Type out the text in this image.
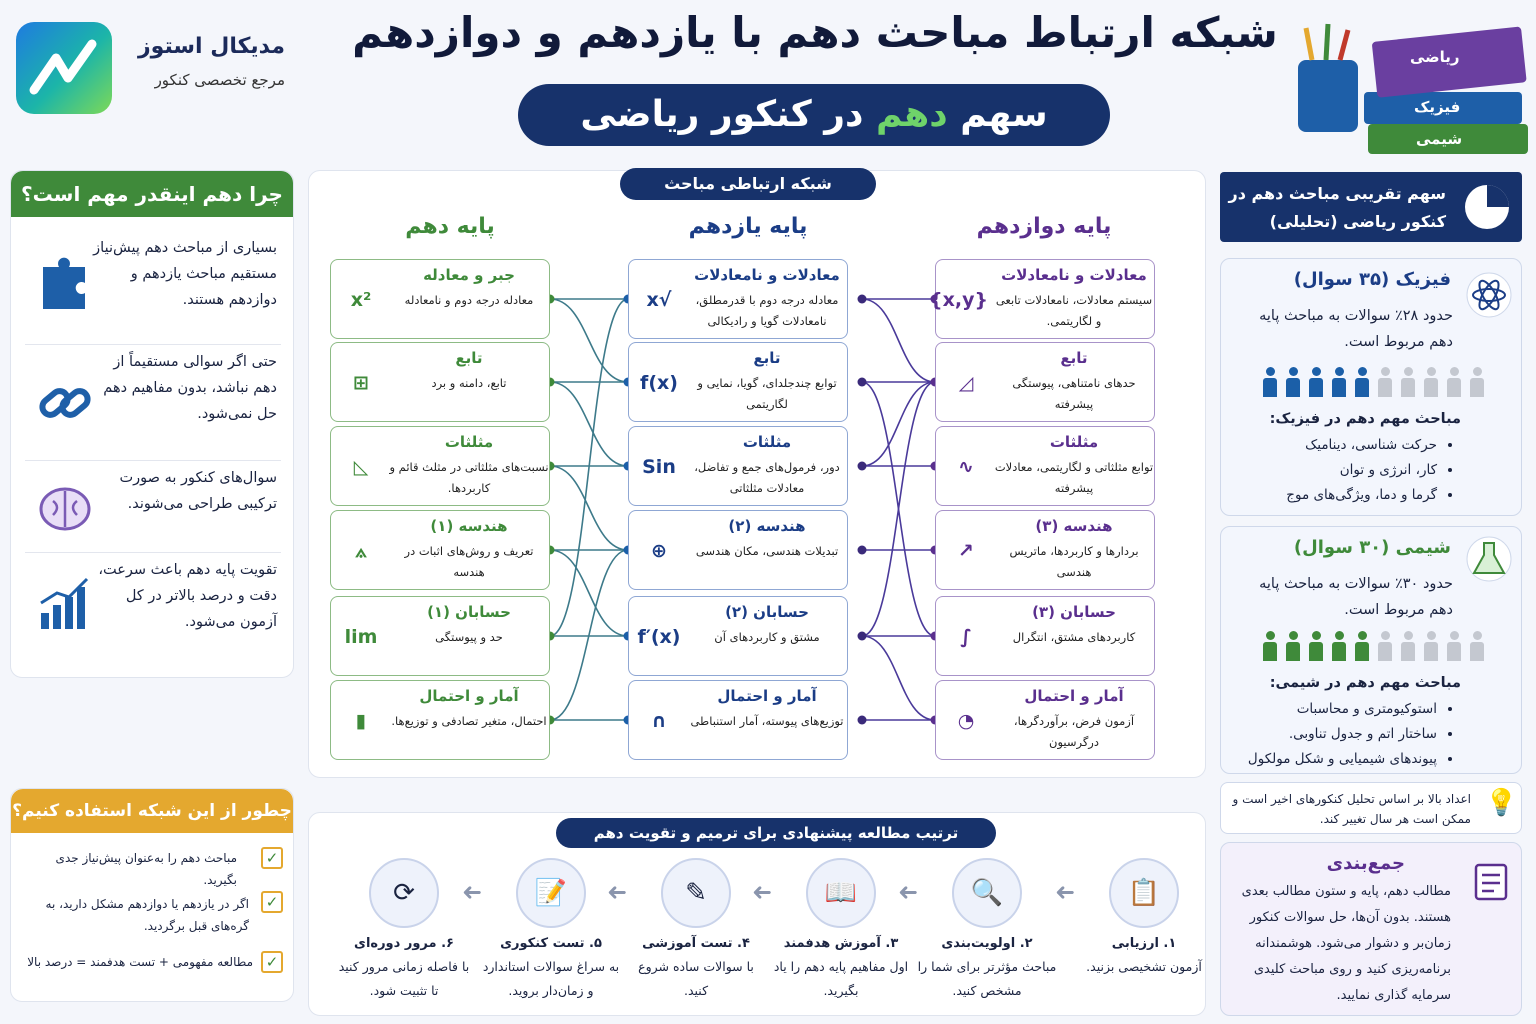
مدیکال استوز
مرجع تخصصی کنکور
شبکه ارتباط مباحث دهم با یازدهم و دوازدهم
سهم دهم در کنکور ریاضی
ریاضی
فیزیک
شیمی
چرا دهم اینقدر مهم است؟

بسیاری از مباحث دهم پیش‌نیاز مستقیم مباحث یازدهم و دوازدهم هستند.

حتی اگر سوالی مستقیماً از دهم نباشد، بدون مفاهیم دهم حل نمی‌شود.

سوال‌های کنکور به صورت ترکیبی طراحی می‌شوند.

تقویت پایه دهم باعث سرعت، دقت و درصد بالاتر در کل آزمون می‌شود.

چطور از این شبکه استفاده کنیم؟
مباحث دهم را به‌عنوان پیش‌نیاز جدی بگیرید.
✓
اگر در یازدهم یا دوازدهم مشکل دارید، به گره‌های قبل برگردید.
✓
مطالعه مفهومی + تست هدفمند = درصد بالا ✓
شبکه ارتباطی مباحث
پایه دهم	پایه یازدهم	پایه دوازدهم
جبر و معادله
معادله درجه دوم و نامعادله
x²
تابع
تابع، دامنه و برد
⊞
مثلثات
نسبت‌های مثلثاتی در مثلث قائم و کاربردها.
◺
هندسه (۱)
تعریف و روش‌های اثبات در هندسه
⟑
حسابان (۱)
حد و پیوستگی
lim
آمار و احتمال
احتمال، متغیر تصادفی و توزیع‌ها.
▮
معادلات و نامعادلات
معادله درجه دوم با قدرمطلق، نامعادلات گویا و رادیکالی
√x
تابع
توابع چندجلدای، گویا، نمایی و لگاریتمی
f(x)
مثلثات
دور، فرمول‌های جمع و تفاضل، معادلات مثلثاتی
Sin
هندسه (۲)
تبدیلات هندسی، مکان هندسی
⊕
حسابان (۲)
مشتق و کاربردهای آن
f′(x)
آمار و احتمال
توزیع‌های پیوسته، آمار استنباطی
∩
معادلات و نامعادلات
سیستم معادلات، نامعادلات تابعی و لگاریتمی.
{x,y}
تابع
حدهای نامتناهی، پیوستگی پیشرفته
◿
مثلثات
توابع مثلثاتی و لگاریتمی، معادلات پیشرفته
∿
هندسه (۳)
بردارها و کاربردها، ماتریس هندسی
↗
حسابان (۳)
کاربردهای مشتق، انتگرال
∫
آمار و احتمال
آزمون فرض، برآوردگرها، درگرسیون
◔
سهم تقریبی مباحث دهم در کنکور ریاضی (تحلیلی)
فیزیک (۳۵ سوال)
حدود ۲۸٪ سوالات به مباحث پایه دهم مربوط است.
مباحث مهم دهم در فیزیک:
• حرکت شناسی، دینامیک
• کار، انرژی و توان
• گرما و دما، ویژگی‌های موج
شیمی (۳۰ سوال)
حدود ۳۰٪ سوالات به مباحث پایه دهم مربوط است.
مباحث مهم دهم در شیمی:
• استوکیومتری و محاسبات
• ساختار اتم و جدول تناوبی.
• پیوندهای شیمیایی و شکل مولکول
اعداد بالا بر اساس تحلیل کنکورهای اخیر است و ممکن است هر سال تغییر کند.
💡
جمع‌بندی
مطالب دهم، پایه و ستون مطالب بعدی هستند. بدون آن‌ها، حل سوالات کنکور زمان‌بر و دشوار می‌شود. هوشمندانه برنامه‌ریزی کنید و روی مباحث کلیدی سرمایه گذاری نمایید.
ترتیب مطالعه پیشنهادی برای ترمیم و تقویت دهم
📋
۱. ارزیابی
آزمون تشخیصی بزنید.
➜
🔍
۲. اولویت‌بندی
مباحث مؤثرتر برای شما را مشخص کنید.
➜
📖
۳. آموزش هدفمند
اول مفاهیم پایه دهم را یاد بگیرید.
➜
✎
۴. تست آموزشی
با سوالات ساده شروع کنید.
➜
📝
۵. تست کنکوری
به سراغ سوالات استاندارد و زمان‌دار بروید.
➜
⟳
۶. مرور دوره‌ای
با فاصله زمانی مرور کنید تا تثبیت شود.
